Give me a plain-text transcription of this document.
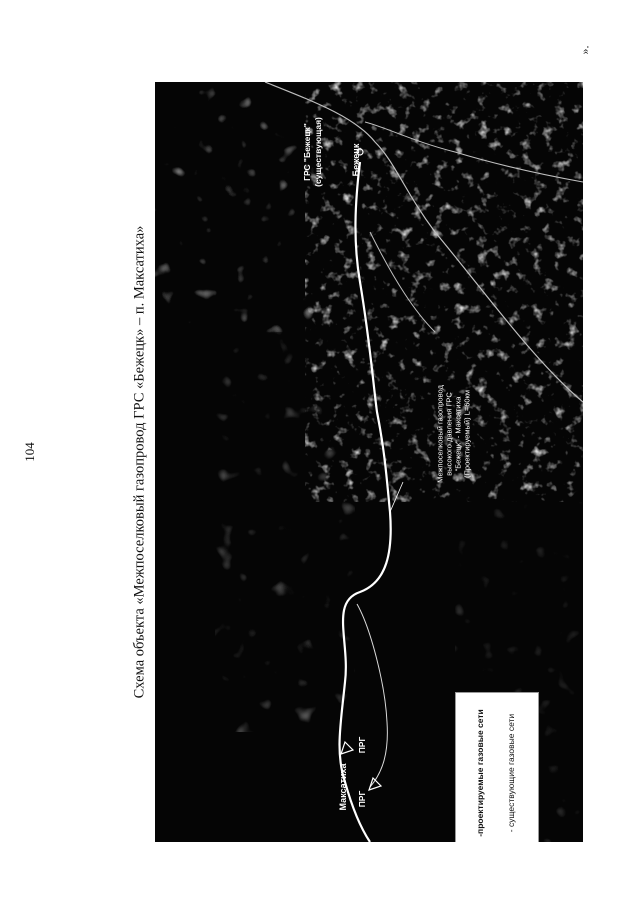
104
».
Схема объекта «Межпоселковый газопровод ГРС «Бежецк» – п. Максатиха»
Бежецк
ГРС "Бежецк" (существующая)
Максатиха
ПРГ
ПРГ
Межпоселковый газопровод высокого давления ГРС "Бежецк" - Максатиха (Проектируемый) L=60км
-проектируемые газовые сети - существующие газовые сети
